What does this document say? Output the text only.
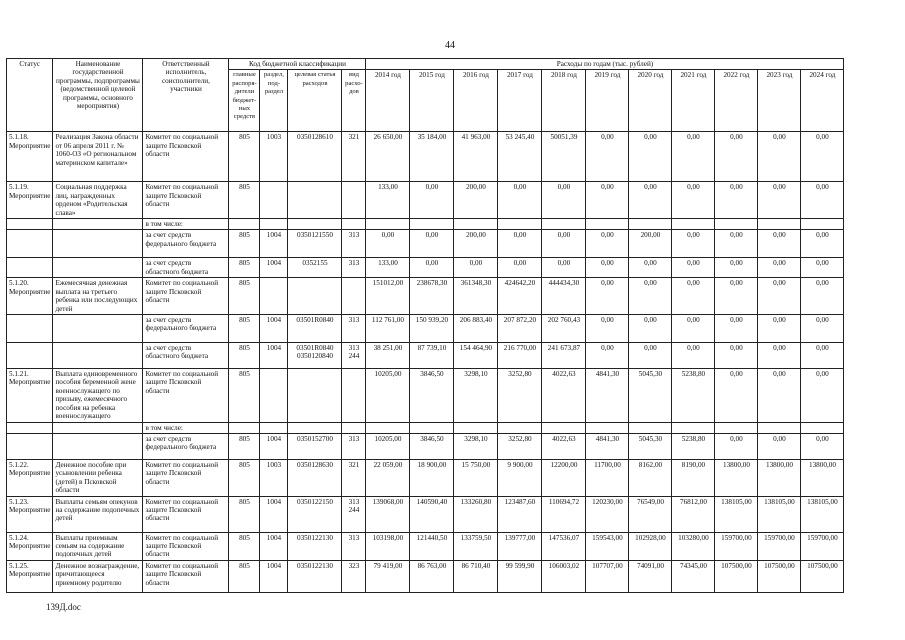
44
Статус	Наименование государственной программы, подпрограммы (ведомственной целевой программы, основного мероприятия)	Ответственный исполнитель, соисполнители, участники	Код бюджетной классификации				Расходы по годам (тыс. рублей)										
			главные распоря-дители бюджет-ных средств	раздел, под-раздел	целевая статья расходов	вид расхо-дов	2014 год	2015 год	2016 год	2017 год	2018 год	2019 год	2020 год	2021 год	2022 год	2023 год	2024 год
5.1.18. Мероприятие	Реализация Закона области от 06 апреля 2011 г. № 1060-ОЗ «О региональном материнском капитале»	Комитет по социальной защите Псковской области	805	1003	0350128610	321	26 650,00	35 184,00	41 963,00	53 245,40	50051,39	0,00	0,00	0,00	0,00	0,00	0,00
5.1.19. Мероприятие	Социальная поддержка лиц, награжденных орденом «Родительская слава»	Комитет по социальной защите Псковской области	805				133,00	0,00	200,00	0,00	0,00	0,00	0,00	0,00	0,00	0,00	0,00
		в том числе:															
		за счет средств федерального бюджета	805	1004	0350121550	313	0,00	0,00	200,00	0,00	0,00	0,00	200,00	0,00	0,00	0,00	0,00
		за счет средств областного бюджета	805	1004	0352155	313	133,00	0,00	0,00	0,00	0,00	0,00	0,00	0,00	0,00	0,00	0,00
5.1.20. Мероприятие	Ежемесячная денежная выплата на третьего ребенка или последующих детей	Комитет по социальной защите Псковской области	805				151012,00	238678,30	361348,30	424642,20	444434,30	0,00	0,00	0,00	0,00	0,00	0,00
		за счет средств федерального бюджета	805	1004	03501R0840	313	112 761,00	150 939,20	206 883,40	207 872,20	202 760,43	0,00	0,00	0,00	0,00	0,00	0,00
		за счет средств областного бюджета	805	1004	03501R0840 0350120840	313 244	38 251,00	87 739,10	154 464,90	216 770,00	241 673,87	0,00	0,00	0,00	0,00	0,00	0,00
5.1.21. Мероприятие	Выплата единовременного пособия беременной жене военнослужащего по призыву, ежемесячного пособия на ребенка военнослужащего	Комитет по социальной защите Псковской области	805				10205,00	3846,50	3298,10	3252,80	4022,63	4841,30	5045,30	5238,80	0,00	0,00	0,00
		в том числе:															
		за счет средств федерального бюджета	805	1004	0350152700	313	10205,00	3846,50	3298,10	3252,80	4022,63	4841,30	5045,30	5238,80	0,00	0,00	0,00
5.1.22. Мероприятие	Денежное пособие при усыновлении ребенка (детей) в Псковской области	Комитет по социальной защите Псковской области	805	1003	0350128630	321	22 059,00	18 900,00	15 750,00	9 900,00	12200,00	11700,00	8162,00	8190,00	13800,00	13800,00	13800,00
5.1.23. Мероприятие	Выплаты семьям опекунов на содержание подопечных детей	Комитет по социальной защите Псковской области	805	1004	0350122150	313 244	139068,00	140590,40	133260,80	123487,60	110694,72	120230,00	76549,00	76812,00	138105,00	138105,00	138105,00
5.1.24. Мероприятие	Выплаты приемным семьям на содержание подопечных детей	Комитет по социальной защите Псковской области	805	1004	0350122130	313	103198,00	121440,50	133759,50	139777,00	147536,07	159543,00	102928,00	103280,00	159700,00	159700,00	159700,00
5.1.25. Мероприятие	Денежное вознаграждение, причитающееся приемному родителю	Комитет по социальной защите Псковской области	805	1004	0350122130	323	79 419,00	86 763,00	86 710,40	99 599,90	106003,02	107707,00	74091,00	74345,00	107500,00	107500,00	107500,00
139Д.doc
